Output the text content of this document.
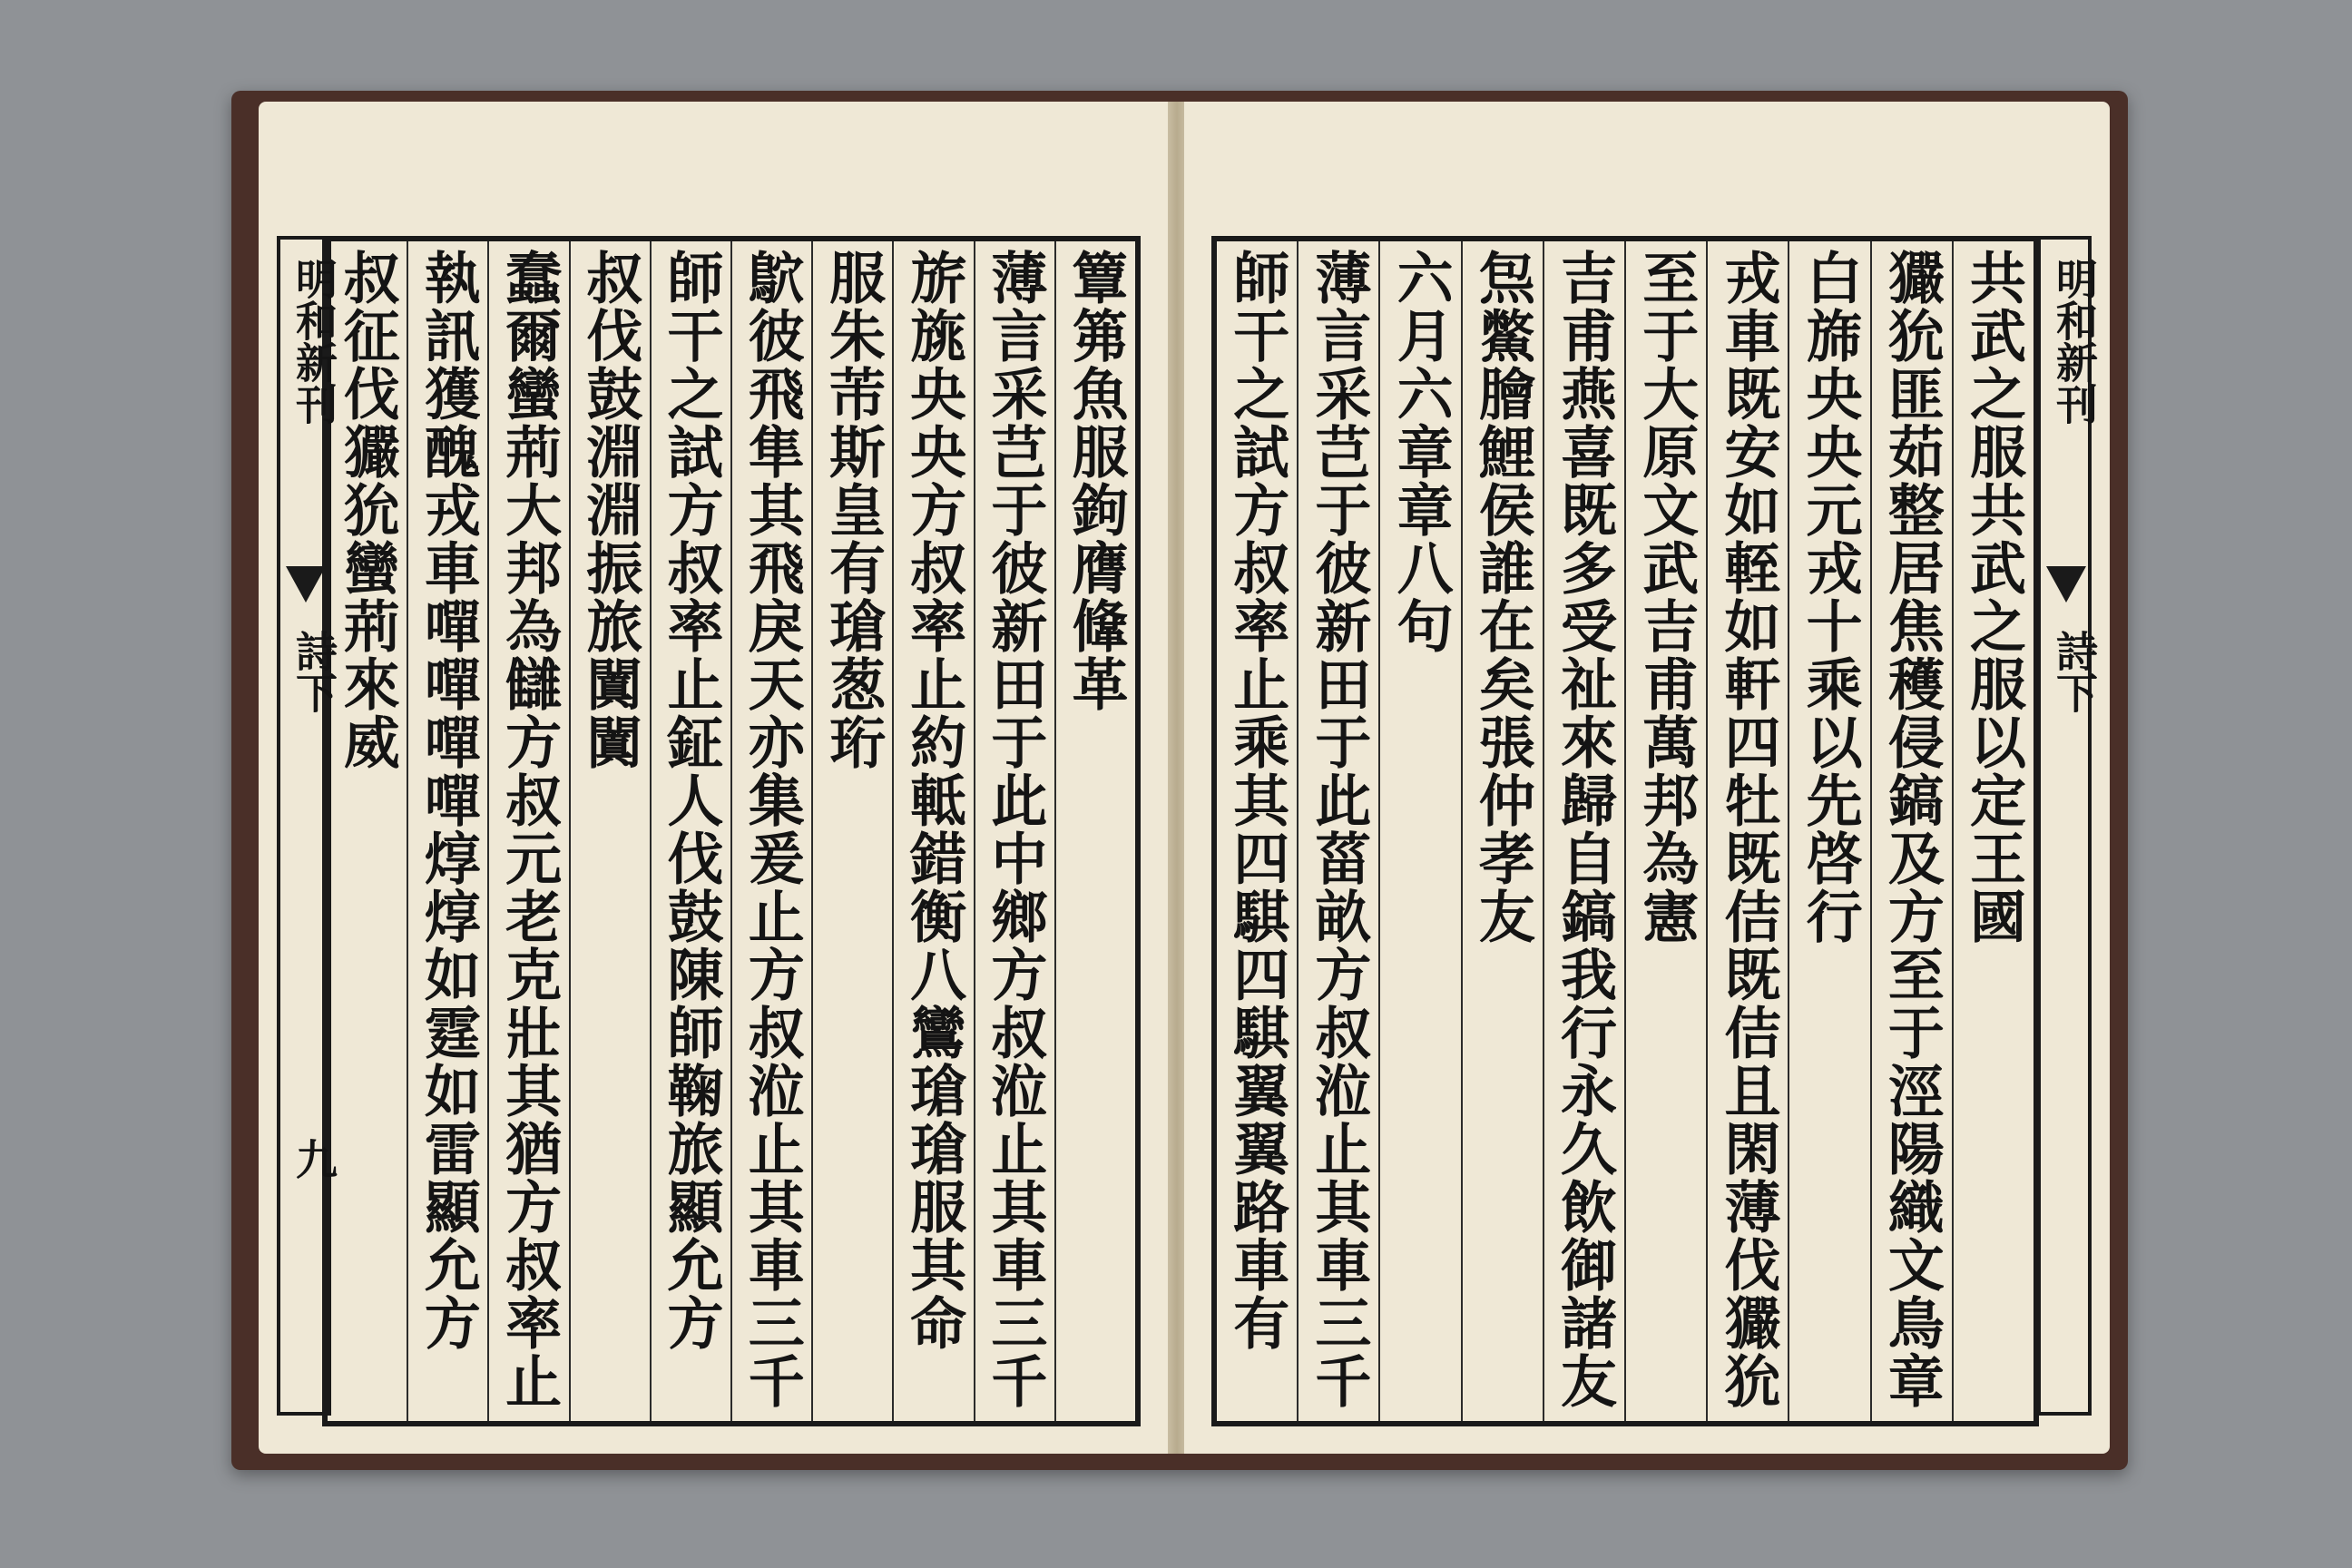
簟笰魚服鉤膺鞗革
薄言采芑于彼新田于此中鄉方叔涖止其車三千
旂旐央央方叔率止約軧錯衡八鸞瑲瑲服其命
服朱芾斯皇有瑲葱珩
鴥彼飛隼其飛戾天亦集爰止方叔涖止其車三千
師干之試方叔率止鉦人伐鼓陳師鞠旅顯允方
叔伐鼓淵淵振旅闐闐
蠢爾蠻荊大邦為讎方叔元老克壯其猶方叔率止
執訊獲醜戎車嘽嘽嘽嘽焞焞如霆如雷顯允方
叔征伐玁狁蠻荊來威
明和新刊
詩下
九
共武之服共武之服以定王國
玁狁匪茹整居焦穫侵鎬及方至于涇陽織文鳥章
白旆央央元戎十乘以先啓行
戎車既安如輊如軒四牡既佶既佶且閑薄伐玁狁
至于大原文武吉甫萬邦為憲
吉甫燕喜既多受祉來歸自鎬我行永久飲御諸友
炰鱉膾鯉侯誰在矣張仲孝友
六月六章章八句
薄言采芑于彼新田于此菑畝方叔涖止其車三千
師干之試方叔率止乘其四騏四騏翼翼路車有	明和新刊
詩下
